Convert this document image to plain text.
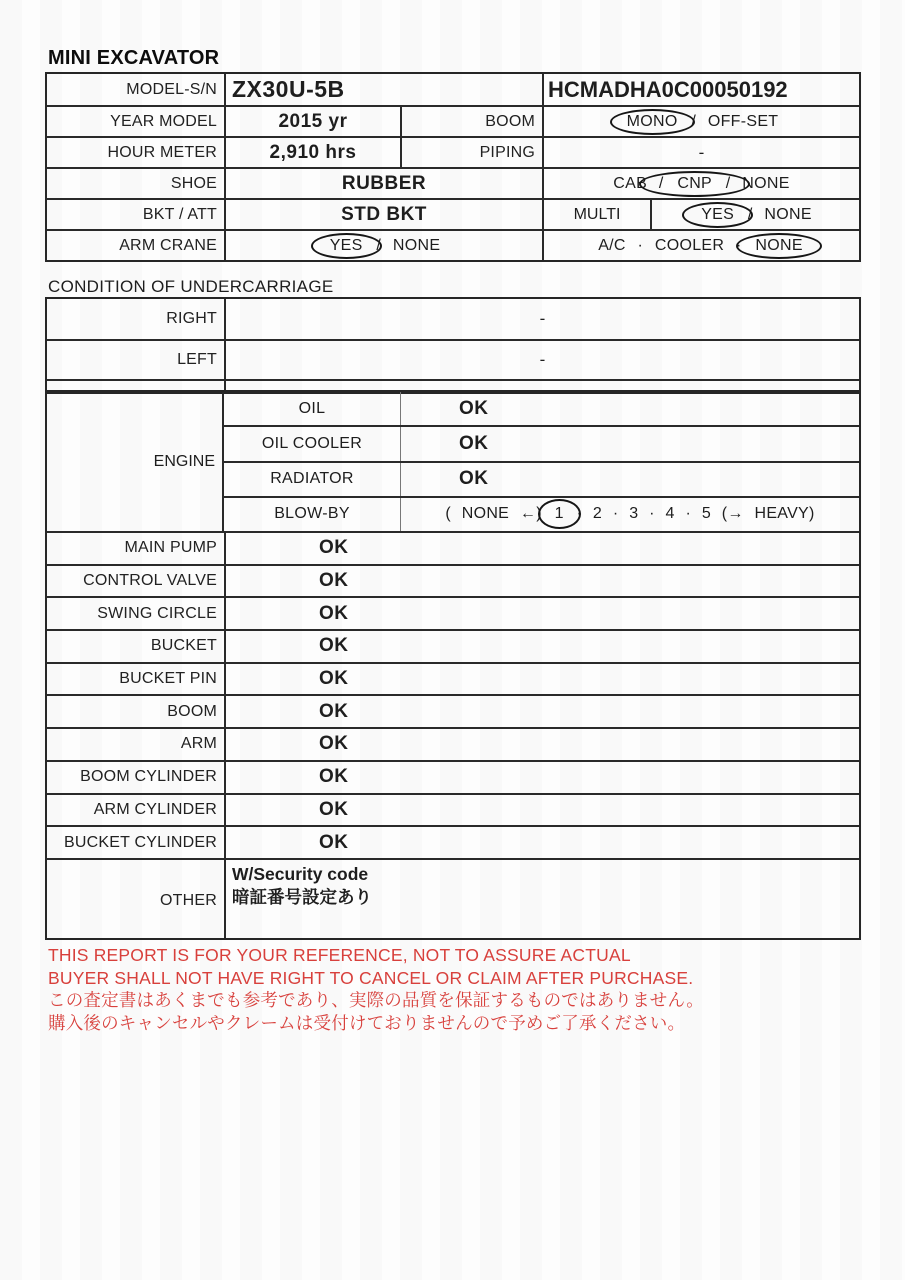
MINI EXCAVATOR
MODEL-S/N ZX30U-5B	HCMADHA0C00050192
YEAR MODEL	2015 yr	BOOM	MONO / OFF-SET
HOUR METER	2,910 hrs	PIPING	-
SHOE	RUBBER	CAB / CNP / NONE
BKT / ATT	STD BKT	MULTI	YES / NONE
ARM CRANE	YES / NONE	A/C · COOLER · NONE
CONDITION OF UNDERCARRIAGE
RIGHT	-
LEFT	-
ENGINE
OIL	OK
OIL COOLER	OK
RADIATOR	OK
BLOW-BY	( NONE ←) 1 · 2 · 3 · 4 · 5 (→ HEAVY)
MAIN PUMP	OK
CONTROL VALVE	OK
SWING CIRCLE	OK
BUCKET	OK
BUCKET PIN	OK
BOOM	OK
ARM	OK
BOOM CYLINDER	OK
ARM CYLINDER	OK
BUCKET CYLINDER	OK
OTHER
W/Security code
暗証番号設定あり
THIS REPORT IS FOR YOUR REFERENCE, NOT TO ASSURE ACTUAL
BUYER SHALL NOT HAVE RIGHT TO CANCEL OR CLAIM AFTER PURCHASE.
この査定書はあくまでも参考であり、実際の品質を保証するものではありません。
購入後のキャンセルやクレームは受付けておりませんので予めご了承ください。
